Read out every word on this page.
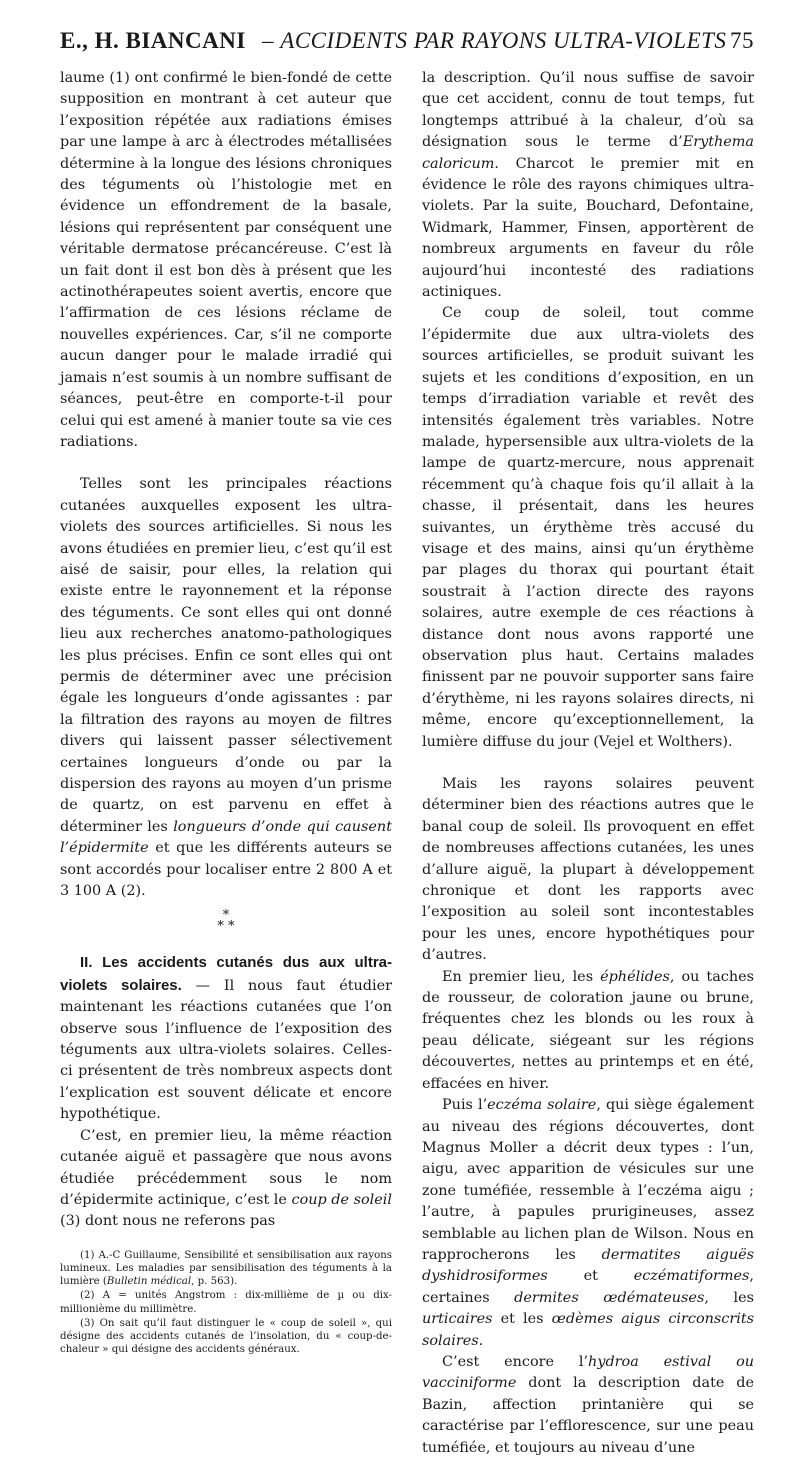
E., H. BIANCANI – ACCIDENTS PAR RAYONS ULTRA-VIOLETS 75

laume (1) ont confirmé le bien-fondé de cette supposition en montrant à cet auteur que l’exposition répétée aux radiations émises par une lampe à arc à électrodes métallisées détermine à la longue des lésions chroniques des téguments où l’histologie met en évidence un effondrement de la basale, lésions qui représentent par conséquent une véritable dermatose précancéreuse. C’est là un fait dont il est bon dès à présent que les actinothérapeutes soient avertis, encore que l’affirmation de ces lésions réclame de nouvelles expériences. Car, s’il ne comporte aucun danger pour le malade irradié qui jamais n’est soumis à un nombre suffisant de séances, peut-être en comporte-t-il pour celui qui est amené à manier toute sa vie ces radiations.

Telles sont les principales réactions cutanées auxquelles exposent les ultra-violets des sources artificielles. Si nous les avons étudiées en premier lieu, c’est qu’il est aisé de saisir, pour elles, la relation qui existe entre le rayonnement et la réponse des téguments. Ce sont elles qui ont donné lieu aux recherches anatomo-pathologiques les plus précises. Enfin ce sont elles qui ont permis de déterminer avec une précision égale les longueurs d’onde agissantes : par la filtration des rayons au moyen de filtres divers qui laissent passer sélectivement certaines longueurs d’onde ou par la dispersion des rayons au moyen d’un prisme de quartz, on est parvenu en effet à déterminer les longueurs d’onde qui causent l’épidermite et que les différents auteurs se sont accordés pour localiser entre 2 800 A et 3 100 A (2).

*
* *

II. Les accidents cutanés dus aux ultra-violets solaires. — Il nous faut étudier maintenant les réactions cutanées que l’on observe sous l’influence de l’exposition des téguments aux ultra-violets solaires. Celles-ci présentent de très nombreux aspects dont l’explication est souvent délicate et encore hypothétique.

C’est, en premier lieu, la même réaction cutanée aiguë et passagère que nous avons étudiée précédemment sous le nom d’épidermite actinique, c’est le coup de soleil (3) dont nous ne referons pas

(1) A.-C Guillaume, Sensibilité et sensibilisation aux rayons lumineux. Les maladies par sensibilisation des téguments à la lumière (Bulletin médical, p. 563).

(2) A = unités Angstrom : dix-millième de µ ou dix-millionième du millimètre.

(3) On sait qu’il faut distinguer le « coup de soleil », qui désigne des accidents cutanés de l’insolation, du « coup-de-chaleur » qui désigne des accidents généraux.

la description. Qu’il nous suffise de savoir que cet accident, connu de tout temps, fut longtemps attribué à la chaleur, d’où sa désignation sous le terme d’Erythema caloricum. Charcot le premier mit en évidence le rôle des rayons chimiques ultra-violets. Par la suite, Bouchard, Defontaine, Widmark, Hammer, Finsen, apportèrent de nombreux arguments en faveur du rôle aujourd’hui incontesté des radiations actiniques.

Ce coup de soleil, tout comme l’épidermite due aux ultra-violets des sources artificielles, se produit suivant les sujets et les conditions d’exposition, en un temps d’irradiation variable et revêt des intensités également très variables. Notre malade, hypersensible aux ultra-violets de la lampe de quartz-mercure, nous apprenait récemment qu’à chaque fois qu’il allait à la chasse, il présentait, dans les heures suivantes, un érythème très accusé du visage et des mains, ainsi qu’un érythème par plages du thorax qui pourtant était soustrait à l’action directe des rayons solaires, autre exemple de ces réactions à distance dont nous avons rapporté une observation plus haut. Certains malades finissent par ne pouvoir supporter sans faire d’érythème, ni les rayons solaires directs, ni même, encore qu’exceptionnellement, la lumière diffuse du jour (Vejel et Wolthers).

Mais les rayons solaires peuvent déterminer bien des réactions autres que le banal coup de soleil. Ils provoquent en effet de nombreuses affections cutanées, les unes d’allure aiguë, la plupart à développement chronique et dont les rapports avec l’exposition au soleil sont incontestables pour les unes, encore hypothétiques pour d’autres.

En premier lieu, les éphélides, ou taches de rousseur, de coloration jaune ou brune, fréquentes chez les blonds ou les roux à peau délicate, siégeant sur les régions découvertes, nettes au printemps et en été, effacées en hiver.

Puis l’eczéma solaire, qui siège également au niveau des régions découvertes, dont Magnus Moller a décrit deux types : l’un, aigu, avec apparition de vésicules sur une zone tuméfiée, ressemble à l’eczéma aigu ; l’autre, à papules prurigineuses, assez semblable au lichen plan de Wilson. Nous en rapprocherons les dermatites aiguës dyshidrosiformes et eczématiformes, certaines dermites œdémateuses, les urticaires et les œdèmes aigus circonscrits solaires.

C’est encore l’hydroa estival ou vacciniforme dont la description date de Bazin, affection printanière qui se caractérise par l’efflorescence, sur une peau tuméfiée, et toujours au niveau d’une
